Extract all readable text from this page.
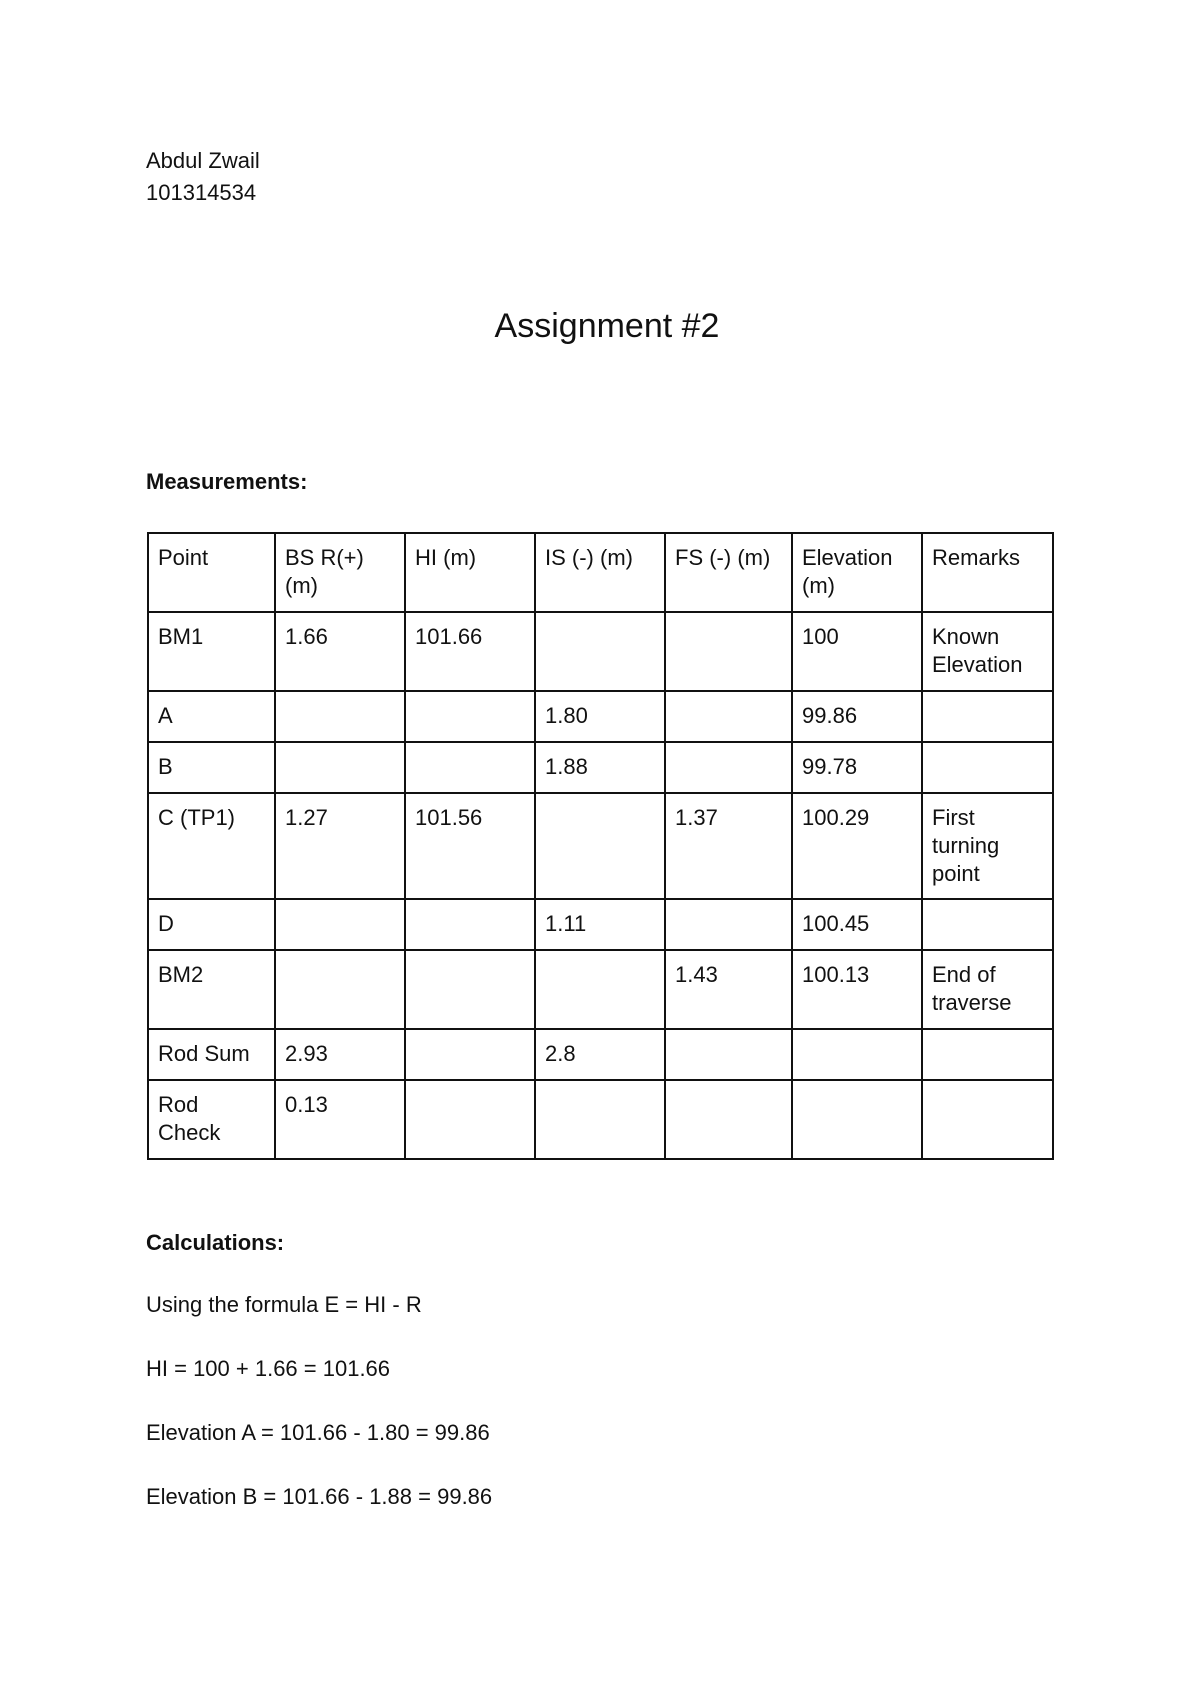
Abdul Zwail
101314534
Assignment #2
Measurements:
Point	BS R(+) (m)	HI (m)	IS (-) (m)	FS (-) (m)	Elevation (m)	Remarks
BM1	1.66	101.66			100	Known Elevation
A			1.80		99.86	
B			1.88		99.78	
C (TP1)	1.27	101.56		1.37	100.29	First turning point
D			1.11		100.45	
BM2				1.43	100.13	End of traverse
Rod Sum	2.93		2.8			
Rod Check	0.13					
Calculations:
Using the formula E = HI - R
HI = 100 + 1.66 = 101.66
Elevation A = 101.66 - 1.80 = 99.86
Elevation B = 101.66 - 1.88 = 99.86
